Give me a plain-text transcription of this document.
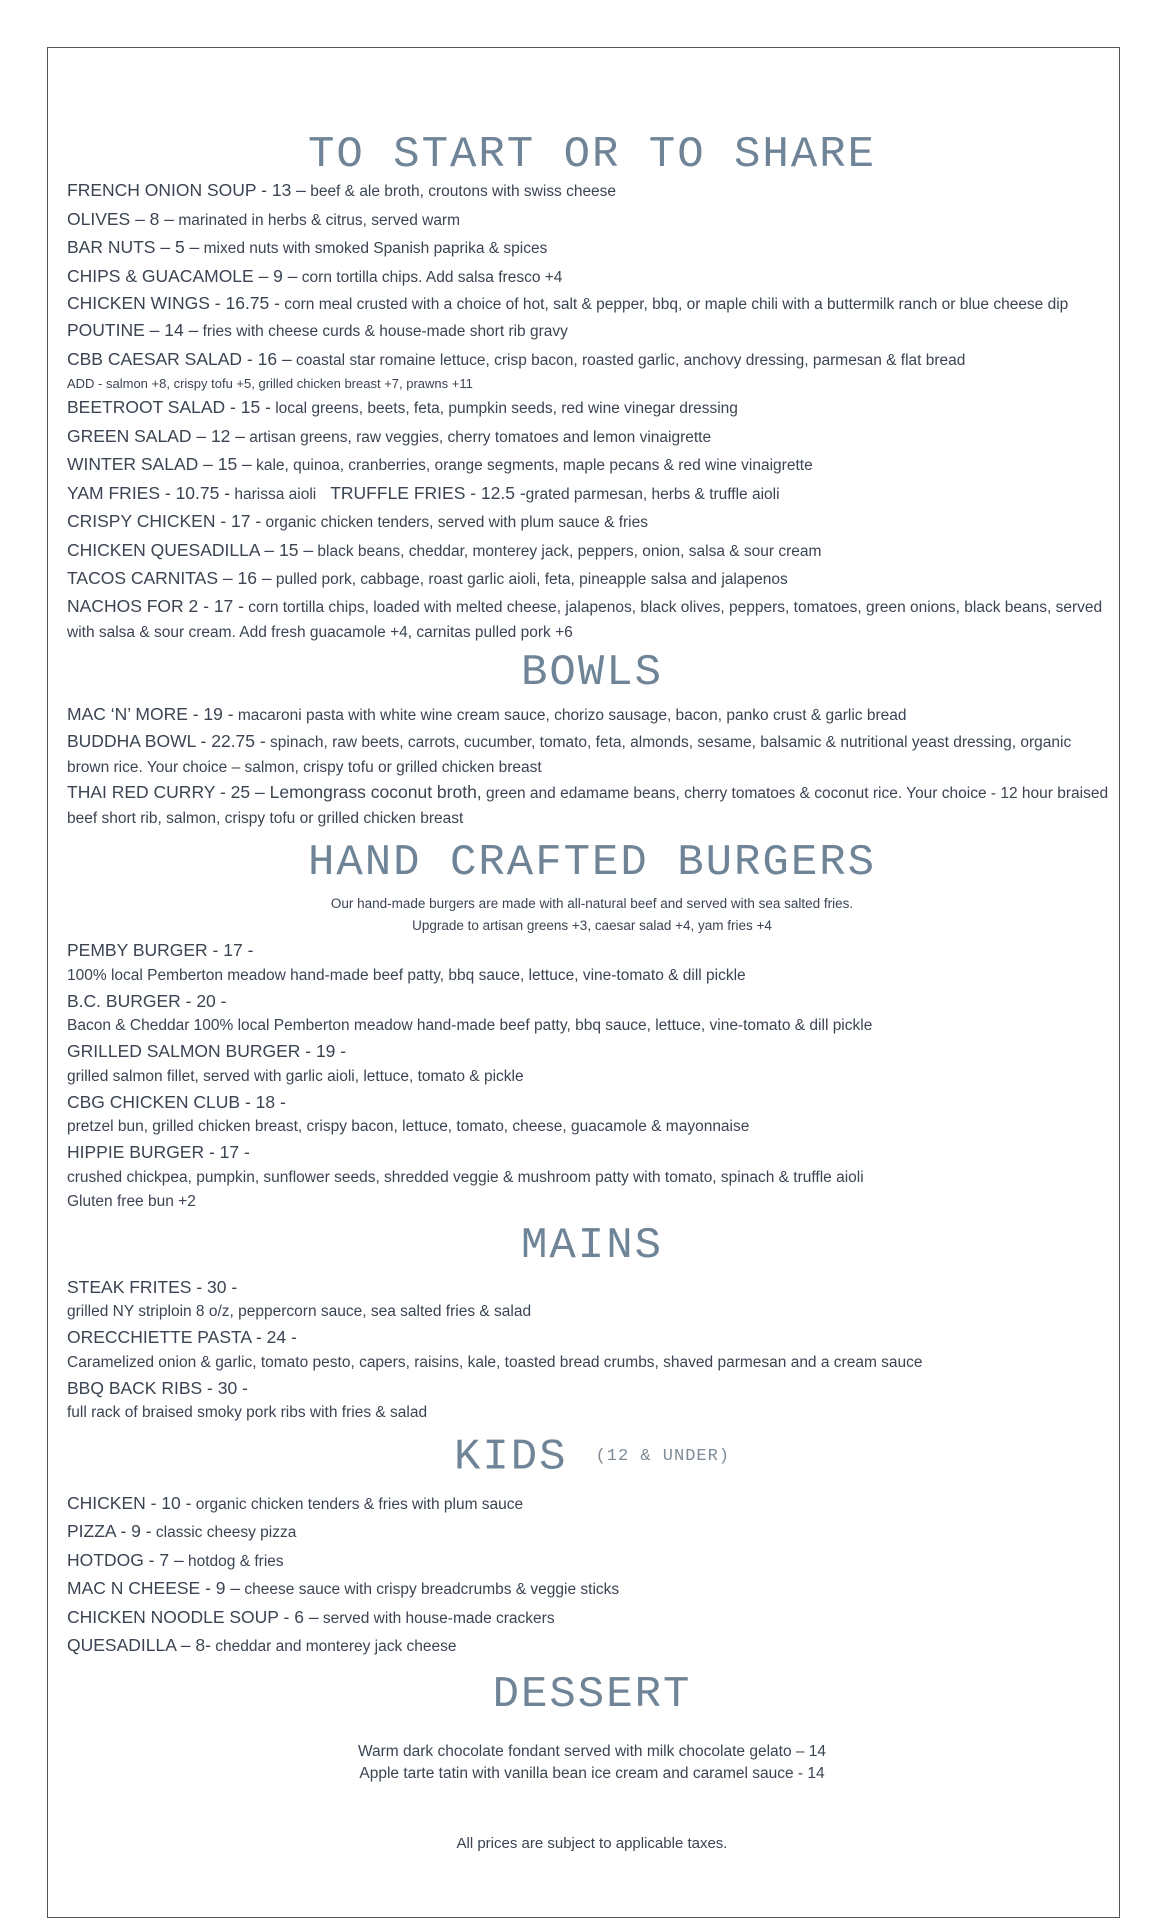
TO START OR TO SHARE
FRENCH ONION SOUP - 13 – beef & ale broth, croutons with swiss cheese
OLIVES – 8 – marinated in herbs & citrus, served warm
BAR NUTS – 5 – mixed nuts with smoked Spanish paprika & spices
CHIPS & GUACAMOLE – 9 – corn tortilla chips. Add salsa fresco +4
CHICKEN WINGS - 16.75 - corn meal crusted with a choice of hot, salt & pepper, bbq, or maple chili with a buttermilk ranch or blue cheese dip
POUTINE – 14 – fries with cheese curds & house-made short rib gravy
CBB CAESAR SALAD - 16 – coastal star romaine lettuce, crisp bacon, roasted garlic, anchovy dressing, parmesan & flat bread
ADD - salmon +8, crispy tofu +5, grilled chicken breast +7, prawns +11
BEETROOT SALAD - 15 - local greens, beets, feta, pumpkin seeds, red wine vinegar dressing
GREEN SALAD – 12 – artisan greens, raw veggies, cherry tomatoes and lemon vinaigrette
WINTER SALAD – 15 – kale, quinoa, cranberries, orange segments, maple pecans & red wine vinaigrette
YAM FRIES - 10.75 - harissa aioli TRUFFLE FRIES - 12.5 -grated parmesan, herbs & truffle aioli
CRISPY CHICKEN - 17 - organic chicken tenders, served with plum sauce & fries
CHICKEN QUESADILLA – 15 – black beans, cheddar, monterey jack, peppers, onion, salsa & sour cream
TACOS CARNITAS – 16 – pulled pork, cabbage, roast garlic aioli, feta, pineapple salsa and jalapenos
NACHOS FOR 2 - 17 - corn tortilla chips, loaded with melted cheese, jalapenos, black olives, peppers, tomatoes, green onions, black beans, served with salsa & sour cream. Add fresh guacamole +4, carnitas pulled pork +6
BOWLS
MAC ‘N’ MORE - 19 - macaroni pasta with white wine cream sauce, chorizo sausage, bacon, panko crust & garlic bread
BUDDHA BOWL - 22.75 - spinach, raw beets, carrots, cucumber, tomato, feta, almonds, sesame, balsamic & nutritional yeast dressing, organic brown rice. Your choice – salmon, crispy tofu or grilled chicken breast
THAI RED CURRY - 25 – Lemongrass coconut broth, green and edamame beans, cherry tomatoes & coconut rice. Your choice - 12 hour braised beef short rib, salmon, crispy tofu or grilled chicken breast
HAND CRAFTED BURGERS
Our hand-made burgers are made with all-natural beef and served with sea salted fries.
Upgrade to artisan greens +3, caesar salad +4, yam fries +4
PEMBY BURGER - 17 -
100% local Pemberton meadow hand-made beef patty, bbq sauce, lettuce, vine-tomato & dill pickle
B.C. BURGER - 20 -
Bacon & Cheddar 100% local Pemberton meadow hand-made beef patty, bbq sauce, lettuce, vine-tomato & dill pickle
GRILLED SALMON BURGER - 19 -
grilled salmon fillet, served with garlic aioli, lettuce, tomato & pickle
CBG CHICKEN CLUB - 18 -
pretzel bun, grilled chicken breast, crispy bacon, lettuce, tomato, cheese, guacamole & mayonnaise
HIPPIE BURGER - 17 -
crushed chickpea, pumpkin, sunflower seeds, shredded veggie & mushroom patty with tomato, spinach & truffle aioli
Gluten free bun +2
MAINS
STEAK FRITES - 30 -
grilled NY striploin 8 o/z, peppercorn sauce, sea salted fries & salad
ORECCHIETTE PASTA - 24 -
Caramelized onion & garlic, tomato pesto, capers, raisins, kale, toasted bread crumbs, shaved parmesan and a cream sauce
BBQ BACK RIBS - 30 -
full rack of braised smoky pork ribs with fries & salad
KIDS (12 & UNDER)
CHICKEN - 10 - organic chicken tenders & fries with plum sauce
PIZZA - 9 - classic cheesy pizza
HOTDOG - 7 – hotdog & fries
MAC N CHEESE - 9 – cheese sauce with crispy breadcrumbs & veggie sticks
CHICKEN NOODLE SOUP - 6 – served with house-made crackers
QUESADILLA – 8- cheddar and monterey jack cheese
DESSERT
Warm dark chocolate fondant served with milk chocolate gelato – 14
Apple tarte tatin with vanilla bean ice cream and caramel sauce - 14
All prices are subject to applicable taxes.
